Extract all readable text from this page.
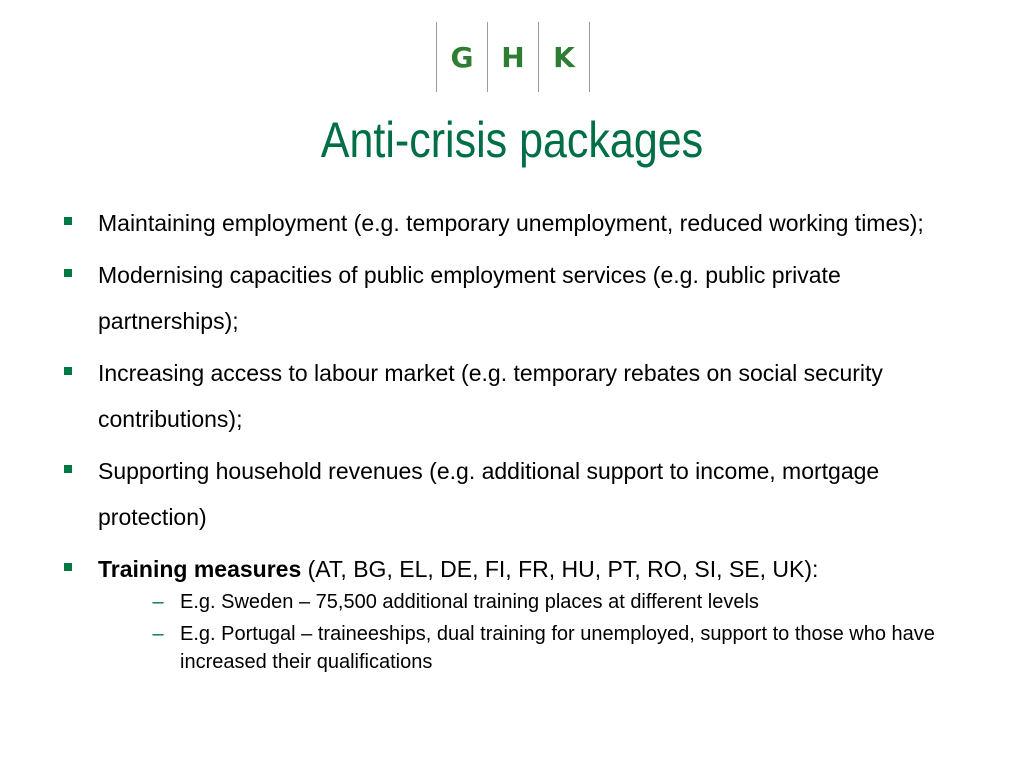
G H	K
Anti-crisis packages
Maintaining employment (e.g. temporary unemployment, reduced working times);
Modernising capacities of public employment services (e.g. public private partnerships);
Increasing access to labour market (e.g. temporary rebates on social security contributions);
Supporting household revenues (e.g. additional support to income, mortgage protection)
Training measures (AT, BG, EL, DE, FI, FR, HU, PT, RO, SI, SE, UK):
– E.g. Sweden – 75,500 additional training places at different levels
– E.g. Portugal – traineeships, dual training for unemployed, support to those who have increased their qualifications
